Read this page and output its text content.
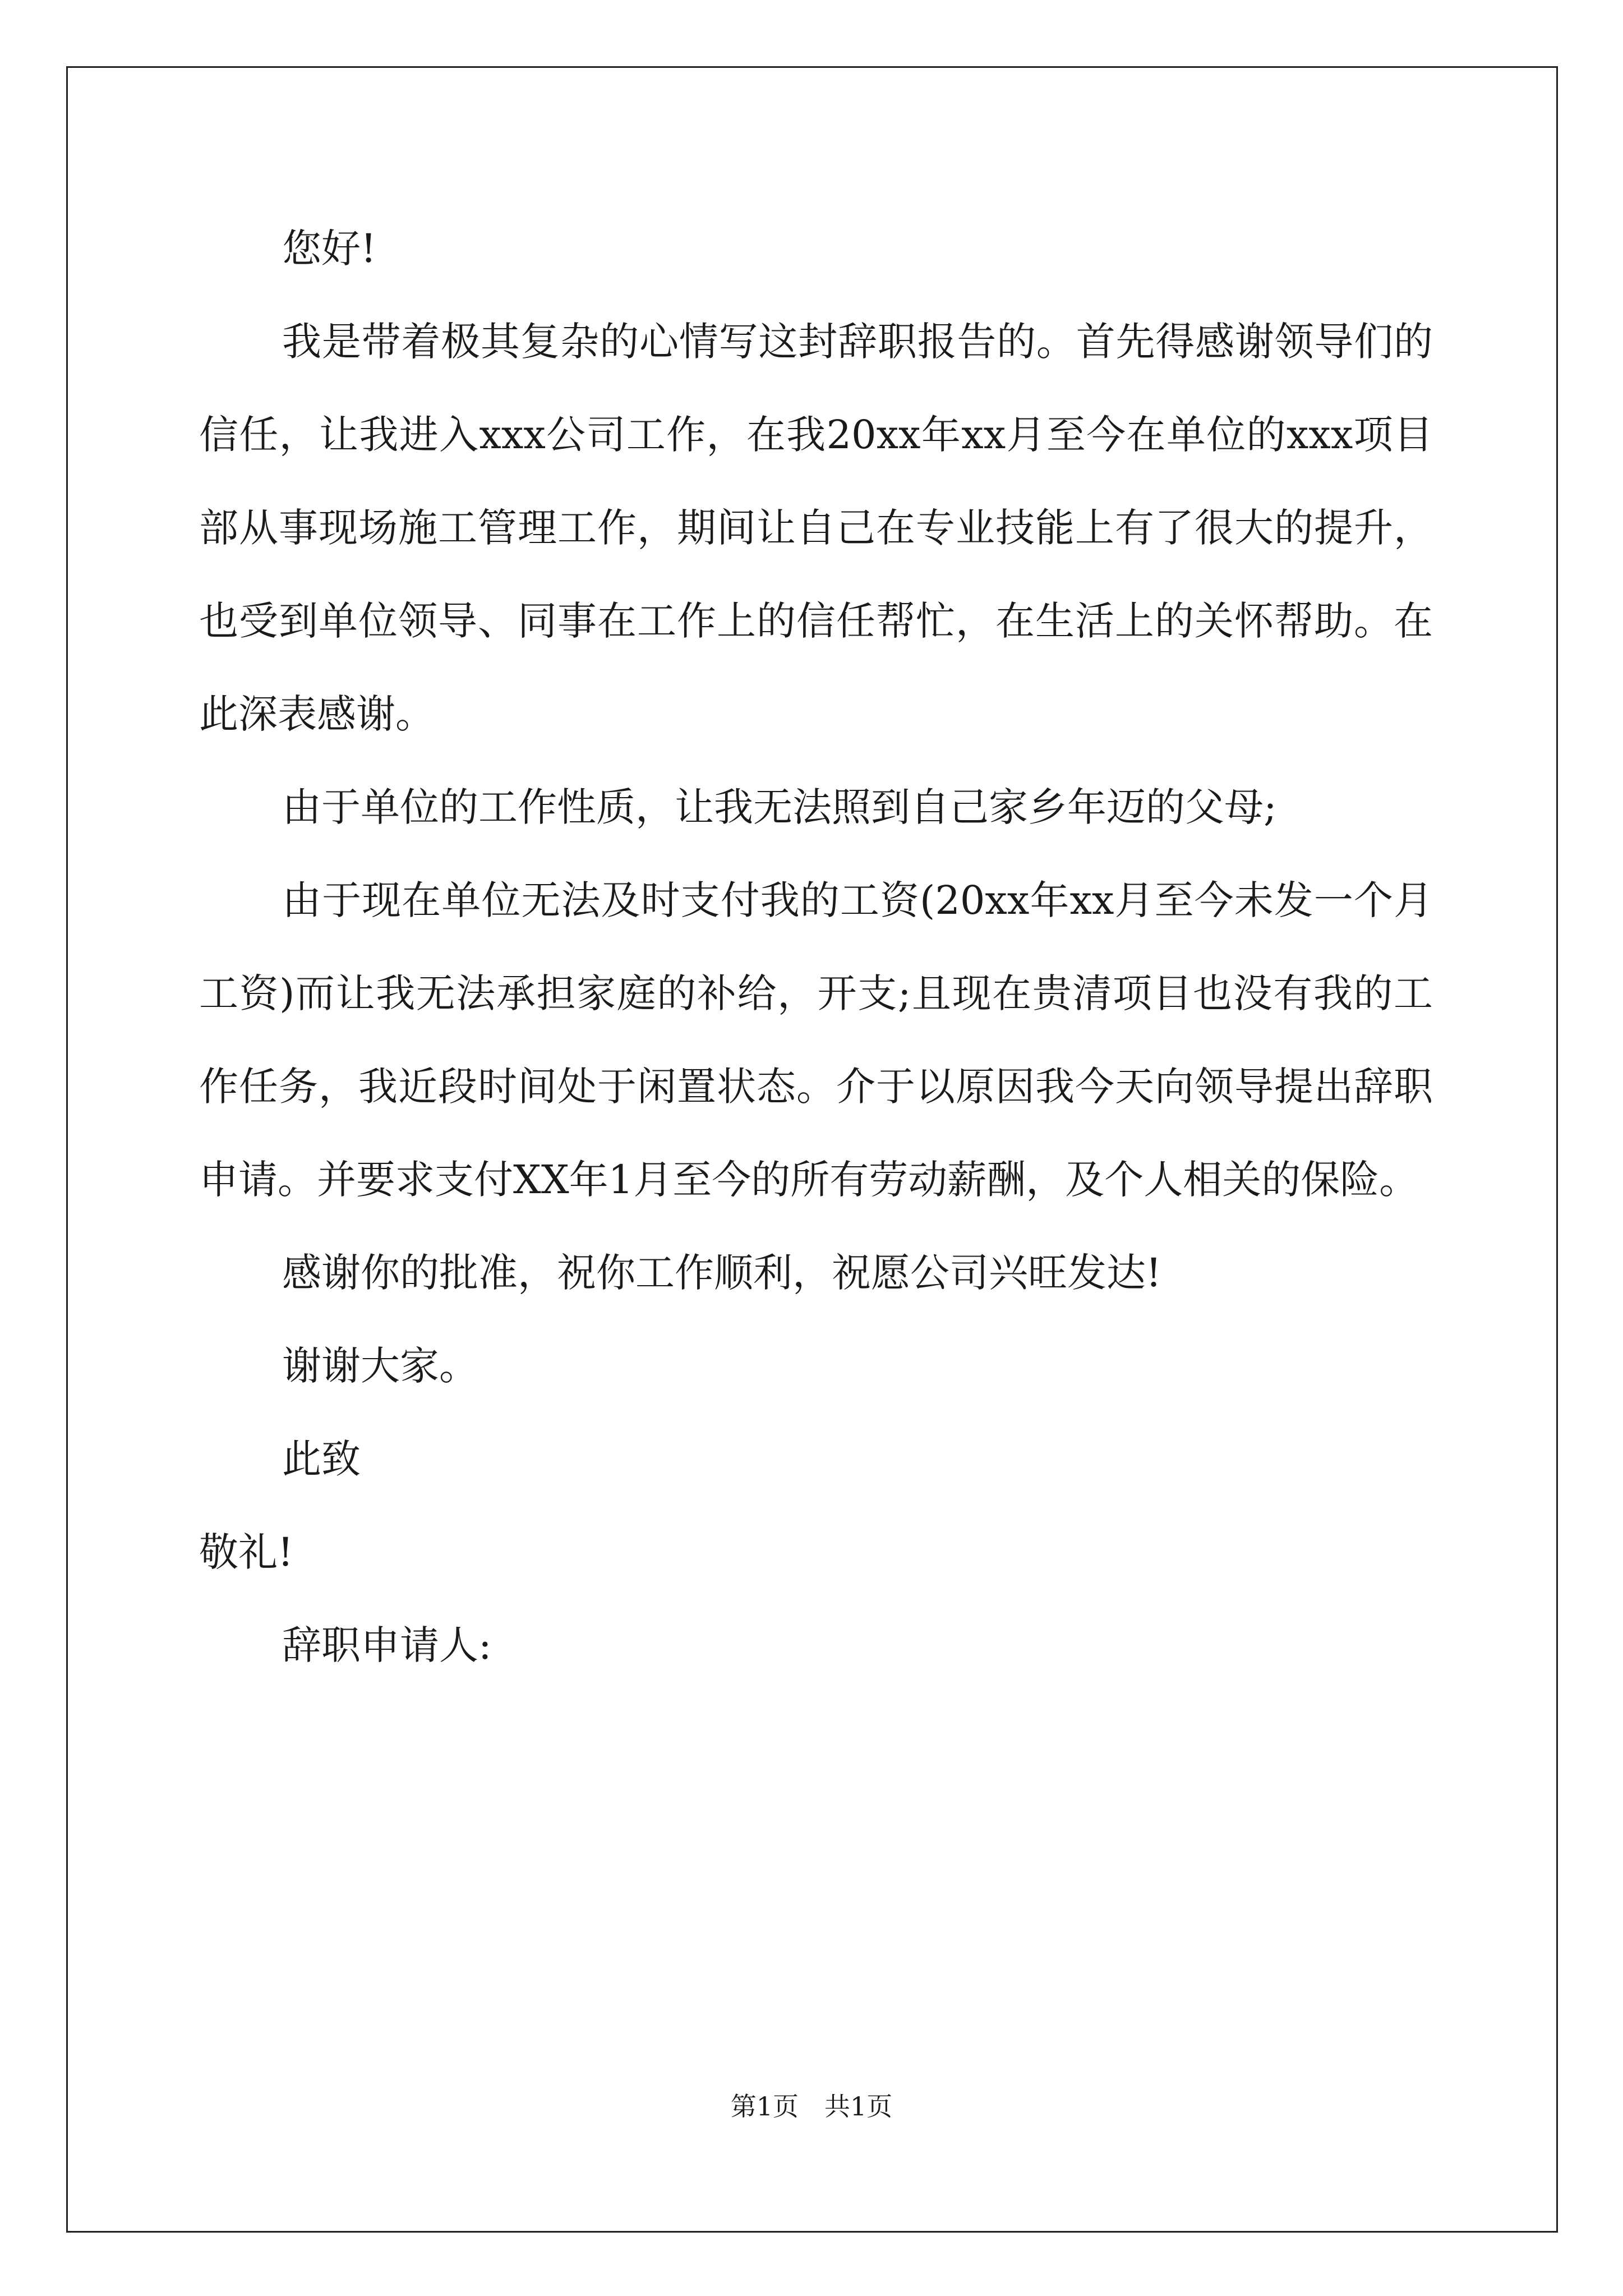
您好!

我是带着极其复杂的心情写这封辞职报告的。首先得感谢领导们的信任，让我进入xxx公司工作，在我20xx年xx月至今在单位的xxx项目部从事现场施工管理工作，期间让自己在专业技能上有了很大的提升，也受到单位领导、同事在工作上的信任帮忙，在生活上的关怀帮助。在此深表感谢。

由于单位的工作性质，让我无法照到自己家乡年迈的父母;

由于现在单位无法及时支付我的工资(20xx年xx月至今未发一个月工资)而让我无法承担家庭的补给，开支;且现在贵清项目也没有我的工作任务，我近段时间处于闲置状态。介于以原因我今天向领导提出辞职申请。并要求支付XX年1月至今的所有劳动薪酬，及个人相关的保险。

感谢你的批准，祝你工作顺利，祝愿公司兴旺发达!

谢谢大家。

此致

敬礼!

辞职申请人:

第1页　共1页
